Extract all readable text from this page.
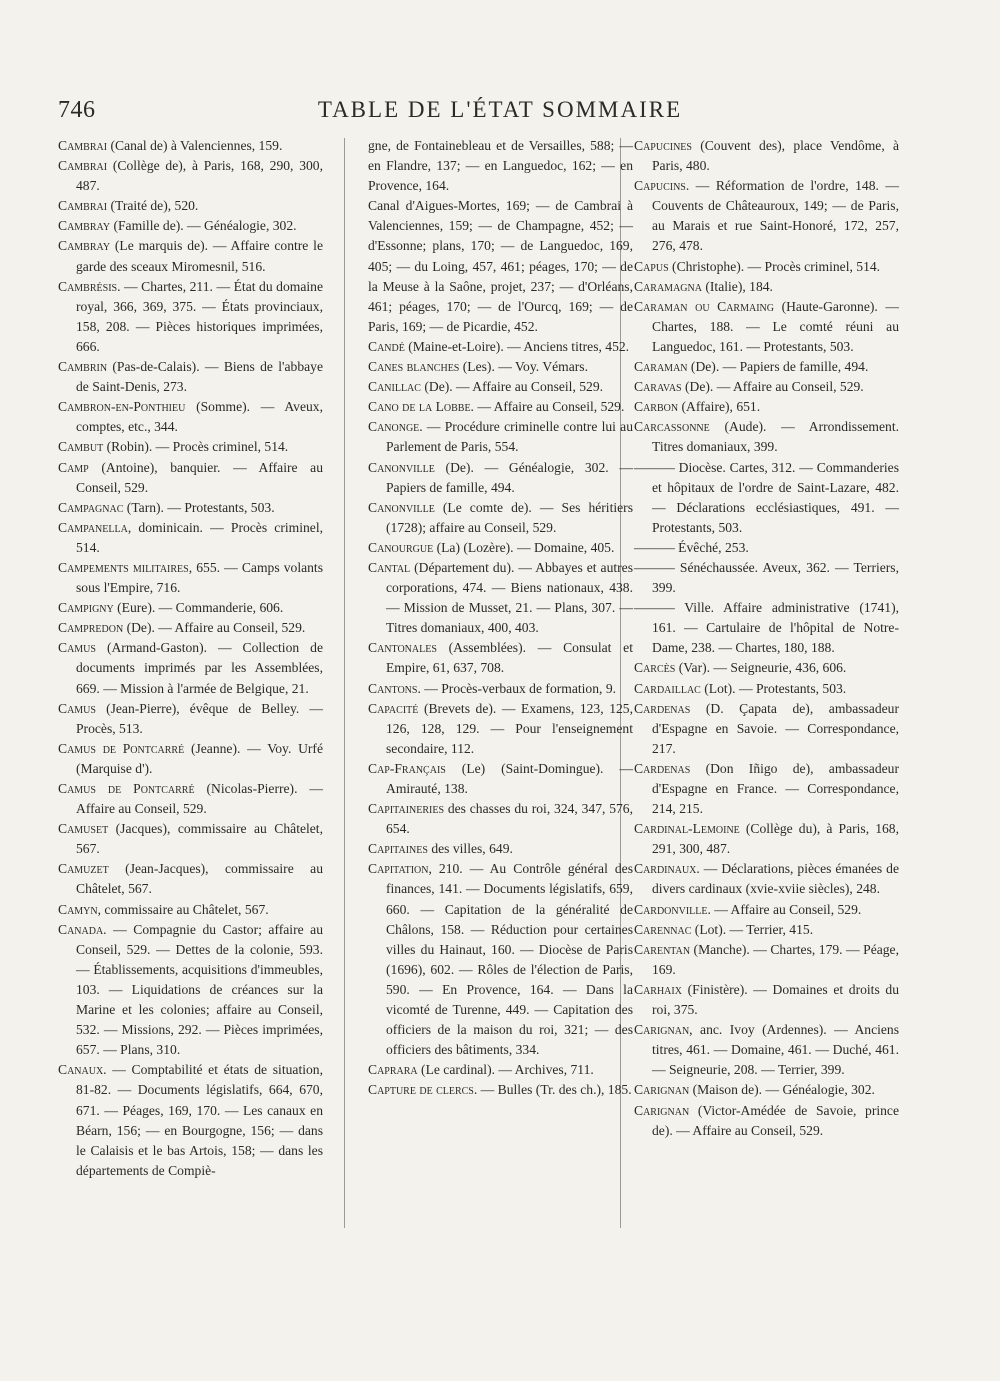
746	TABLE DE L'ÉTAT SOMMAIRE

Cambrai (Canal de) à Valenciennes, 159.

Cambrai (Collège de), à Paris, 168, 290, 300, 487.

Cambrai (Traité de), 520.

Cambray (Famille de). — Généalogie, 302.

Cambray (Le marquis de). — Affaire contre le garde des sceaux Miromesnil, 516.

Cambrésis. — Chartes, 211. — État du domaine royal, 366, 369, 375. — États provinciaux, 158, 208. — Pièces historiques imprimées, 666.

Cambrin (Pas-de-Calais). — Biens de l'abbaye de Saint-Denis, 273.

Cambron-en-Ponthieu (Somme). — Aveux, comptes, etc., 344.

Cambut (Robin). — Procès criminel, 514.

Camp (Antoine), banquier. — Affaire au Conseil, 529.

Campagnac (Tarn). — Protestants, 503.

Campanella, dominicain. — Procès criminel, 514.

Campements militaires, 655. — Camps volants sous l'Empire, 716.

Campigny (Eure). — Commanderie, 606.

Campredon (De). — Affaire au Conseil, 529.

Camus (Armand-Gaston). — Collection de documents imprimés par les Assemblées, 669. — Mission à l'armée de Belgique, 21.

Camus (Jean-Pierre), évêque de Belley. — Procès, 513.

Camus de Pontcarré (Jeanne). — Voy. Urfé (Marquise d').

Camus de Pontcarré (Nicolas-Pierre). — Affaire au Conseil, 529.

Camuset (Jacques), commissaire au Châtelet, 567.

Camuzet (Jean-Jacques), commissaire au Châtelet, 567.

Camyn, commissaire au Châtelet, 567.

Canada. — Compagnie du Castor; affaire au Conseil, 529. — Dettes de la colonie, 593. — Établissements, acquisitions d'immeubles, 103. — Liquidations de créances sur la Marine et les colonies; affaire au Conseil, 532. — Missions, 292. — Pièces imprimées, 657. — Plans, 310.

Canaux. — Comptabilité et états de situation, 81-82. — Documents législatifs, 664, 670, 671. — Péages, 169, 170. — Les canaux en Béarn, 156; — en Bourgogne, 156; — dans le Calaisis et le bas Artois, 158; — dans les départements de Compiè-

gne, de Fontainebleau et de Versailles, 588; — en Flandre, 137; — en Languedoc, 162; — en Provence, 164.

Canal d'Aigues-Mortes, 169; — de Cambrai à Valenciennes, 159; — de Champagne, 452; — d'Essonne; plans, 170; — de Languedoc, 169, 405; — du Loing, 457, 461; péages, 170; — de la Meuse à la Saône, projet, 237; — d'Orléans, 461; péages, 170; — de l'Ourcq, 169; — de Paris, 169; — de Picardie, 452.

Candé (Maine-et-Loire). — Anciens titres, 452.

Canes blanches (Les). — Voy. Vémars.

Canillac (De). — Affaire au Conseil, 529.

Cano de la Lobbe. — Affaire au Conseil, 529.

Canonge. — Procédure criminelle contre lui au Parlement de Paris, 554.

Canonville (De). — Généalogie, 302. — Papiers de famille, 494.

Canonville (Le comte de). — Ses héritiers (1728); affaire au Conseil, 529.

Canourgue (La) (Lozère). — Domaine, 405.

Cantal (Département du). — Abbayes et autres corporations, 474. — Biens nationaux, 438. — Mission de Musset, 21. — Plans, 307. — Titres domaniaux, 400, 403.

Cantonales (Assemblées). — Consulat et Empire, 61, 637, 708.

Cantons. — Procès-verbaux de formation, 9.

Capacité (Brevets de). — Examens, 123, 125, 126, 128, 129. — Pour l'enseignement secondaire, 112.

Cap-Français (Le) (Saint-Domingue). — Amirauté, 138.

Capitaineries des chasses du roi, 324, 347, 576, 654.

Capitaines des villes, 649.

Capitation, 210. — Au Contrôle général des finances, 141. — Documents législatifs, 659, 660. — Capitation de la généralité de Châlons, 158. — Réduction pour certaines villes du Hainaut, 160. — Diocèse de Paris (1696), 602. — Rôles de l'élection de Paris, 590. — En Provence, 164. — Dans la vicomté de Turenne, 449. — Capitation des officiers de la maison du roi, 321; — des officiers des bâtiments, 334.

Caprara (Le cardinal). — Archives, 711.

Capture de clercs. — Bulles (Tr. des ch.), 185.

Capucines (Couvent des), place Vendôme, à Paris, 480.

Capucins. — Réformation de l'ordre, 148. — Couvents de Châteauroux, 149; — de Paris, au Marais et rue Saint-Honoré, 172, 257, 276, 478.

Capus (Christophe). — Procès criminel, 514.

Caramagna (Italie), 184.

Caraman ou Carmaing (Haute-Garonne). — Chartes, 188. — Le comté réuni au Languedoc, 161. — Protestants, 503.

Caraman (De). — Papiers de famille, 494.

Caravas (De). — Affaire au Conseil, 529.

Carbon (Affaire), 651.

Carcassonne (Aude). — Arrondissement. Titres domaniaux, 399.

——— Diocèse. Cartes, 312. — Commanderies et hôpitaux de l'ordre de Saint-Lazare, 482. — Déclarations ecclésiastiques, 491. — Protestants, 503.

——— Évêché, 253.

——— Sénéchaussée. Aveux, 362. — Terriers, 399.

——— Ville. Affaire administrative (1741), 161. — Cartulaire de l'hôpital de Notre-Dame, 238. — Chartes, 180, 188.

Carcès (Var). — Seigneurie, 436, 606.

Cardaillac (Lot). — Protestants, 503.

Cardenas (D. Çapata de), ambassadeur d'Espagne en Savoie. — Correspondance, 217.

Cardenas (Don Iñigo de), ambassadeur d'Espagne en France. — Correspondance, 214, 215.

Cardinal-Lemoine (Collège du), à Paris, 168, 291, 300, 487.

Cardinaux. — Déclarations, pièces émanées de divers cardinaux (xvie-xviie siècles), 248.

Cardonville. — Affaire au Conseil, 529.

Carennac (Lot). — Terrier, 415.

Carentan (Manche). — Chartes, 179. — Péage, 169.

Carhaix (Finistère). — Domaines et droits du roi, 375.

Carignan, anc. Ivoy (Ardennes). — Anciens titres, 461. — Domaine, 461. — Duché, 461. — Seigneurie, 208. — Terrier, 399.

Carignan (Maison de). — Généalogie, 302.

Carignan (Victor-Amédée de Savoie, prince de). — Affaire au Conseil, 529.
